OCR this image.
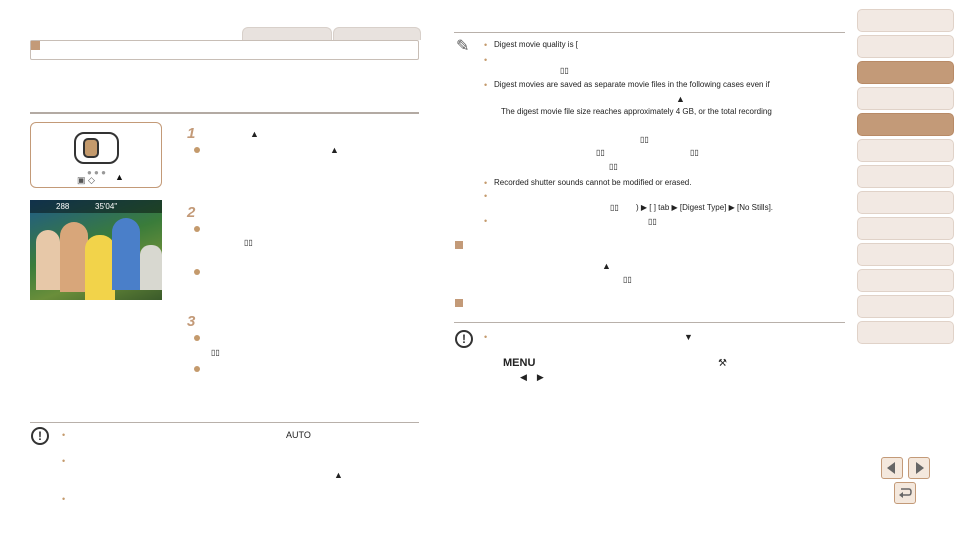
● ● ●
▣ ◇ ▲
1	▲
▲
288	35'04"	2
▯▯
3
▯▯
!	•	AUTO
•
▲
•
✎	• Digest movie quality is [
•
▯▯
• Digest movies are saved as separate movie files in the following cases even if
▲
The digest movie file size reaches approximately 4 GB, or the total recording
▯▯
▯▯	▯▯
▯▯
• Recorded shutter sounds cannot be modified or erased.
•
▯▯ ) ▶ [ ] tab ▶ [Digest Type] ▶ [No Stills].
•	▯▯
▲
▯▯
!	•	▼
MENU	⚒
◀    ▶
